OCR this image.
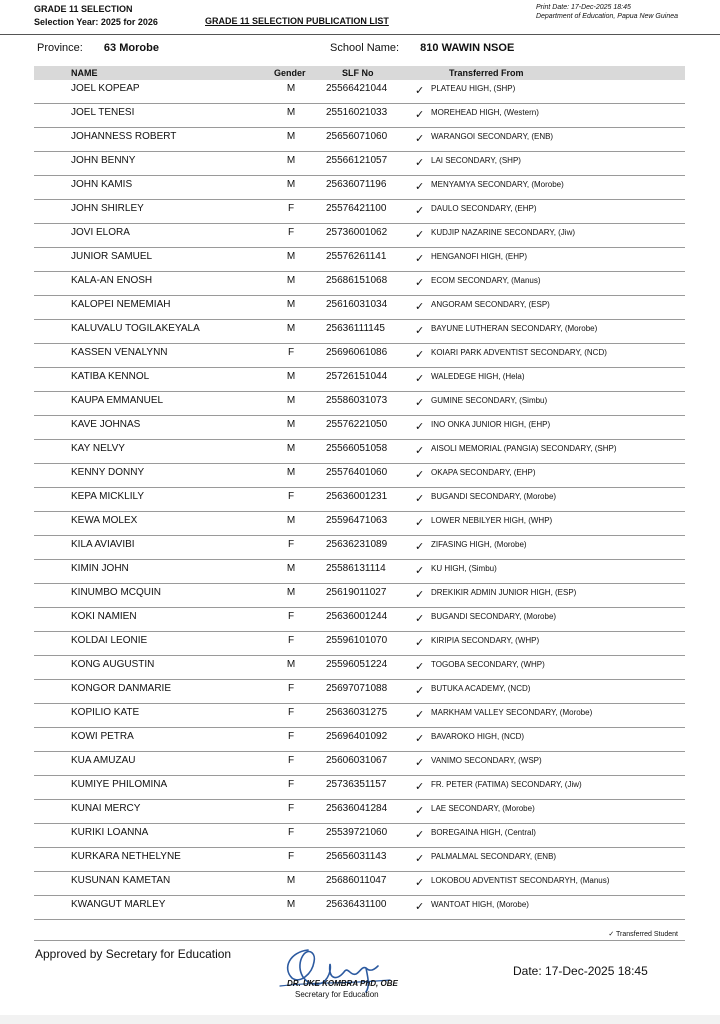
GRADE 11 SELECTION
Selection Year: 2025 for 2026	GRADE 11 SELECTION PUBLICATION LIST
Print Date: 17-Dec-2025 18:45
Department of Education, Papua New Guinea
Province: 63 Morobe	School Name: 810 WAWIN NSOE
NAME	Gender	SLF No	Transferred From
JOEL KOPEAP	M	25566421044	✓ PLATEAU HIGH, (SHP)
JOEL TENESI	M	25516021033	✓ MOREHEAD HIGH, (Western)
JOHANNESS ROBERT	M	25656071060	✓ WARANGOI SECONDARY, (ENB)
JOHN BENNY	M	25566121057	✓ LAI SECONDARY, (SHP)
JOHN KAMIS	M	25636071196	✓ MENYAMYA SECONDARY, (Morobe)
JOHN SHIRLEY	F	25576421100	✓ DAULO SECONDARY, (EHP)
JOVI ELORA	F	25736001062	✓ KUDJIP NAZARINE SECONDARY, (Jiw)
JUNIOR SAMUEL	M	25576261141	✓ HENGANOFI HIGH, (EHP)
KALA-AN ENOSH	M	25686151068	✓ ECOM SECONDARY, (Manus)
KALOPEI NEMEMIAH	M	25616031034	✓ ANGORAM SECONDARY, (ESP)
KALUVALU TOGILAKEYALA	M	25636111145	✓ BAYUNE LUTHERAN SECONDARY, (Morobe)
KASSEN VENALYNN	F	25696061086	✓ KOIARI PARK ADVENTIST SECONDARY, (NCD)
KATIBA KENNOL	M	25726151044	✓ WALEDEGE HIGH, (Hela)
KAUPA EMMANUEL	M	25586031073	✓ GUMINE SECONDARY, (Simbu)
KAVE JOHNAS	M	25576221050	✓ INO ONKA JUNIOR HIGH, (EHP)
KAY NELVY	M	25566051058	✓ AISOLI MEMORIAL (PANGIA) SECONDARY, (SHP)
KENNY DONNY	M	25576401060	✓ OKAPA SECONDARY, (EHP)
KEPA MICKLILY	F	25636001231	✓ BUGANDI SECONDARY, (Morobe)
KEWA MOLEX	M	25596471063	✓ LOWER NEBILYER HIGH, (WHP)
KILA AVIAVIBI	F	25636231089	✓ ZIFASING HIGH, (Morobe)
KIMIN JOHN	M	25586131114	✓ KU HIGH, (Simbu)
KINUMBO MCQUIN	M	25619011027	✓ DREKIKIR ADMIN JUNIOR HIGH, (ESP)
KOKI NAMIEN	F	25636001244	✓ BUGANDI SECONDARY, (Morobe)
KOLDAI LEONIE	F	25596101070	✓ KIRIPIA SECONDARY, (WHP)
KONG AUGUSTIN	M	25596051224	✓ TOGOBA SECONDARY, (WHP)
KONGOR DANMARIE	F	25697071088	✓ BUTUKA ACADEMY, (NCD)
KOPILIO KATE	F	25636031275	✓ MARKHAM VALLEY SECONDARY, (Morobe)
KOWI PETRA	F	25696401092	✓ BAVAROKO HIGH, (NCD)
KUA AMUZAU	F	25606031067	✓ VANIMO SECONDARY, (WSP)
KUMIYE PHILOMINA	F	25736351157	✓ FR. PETER (FATIMA) SECONDARY, (Jiw)
KUNAI MERCY	F	25636041284	✓ LAE SECONDARY, (Morobe)
KURIKI LOANNA	F	25539721060	✓ BOREGAINA HIGH, (Central)
KURKARA NETHELYNE	F	25656031143	✓ PALMALMAL SECONDARY, (ENB)
KUSUNAN KAMETAN	M	25686011047	✓ LOKOBOU ADVENTIST SECONDARYH, (Manus)
KWANGUT MARLEY	M	25636431100	✓ WANTOAT HIGH, (Morobe)
✓ Transferred Student
Approved by Secretary for Education
DR. UKE KOMBRA PhD, OBE
Secretary for Education
Date: 17-Dec-2025 18:45
